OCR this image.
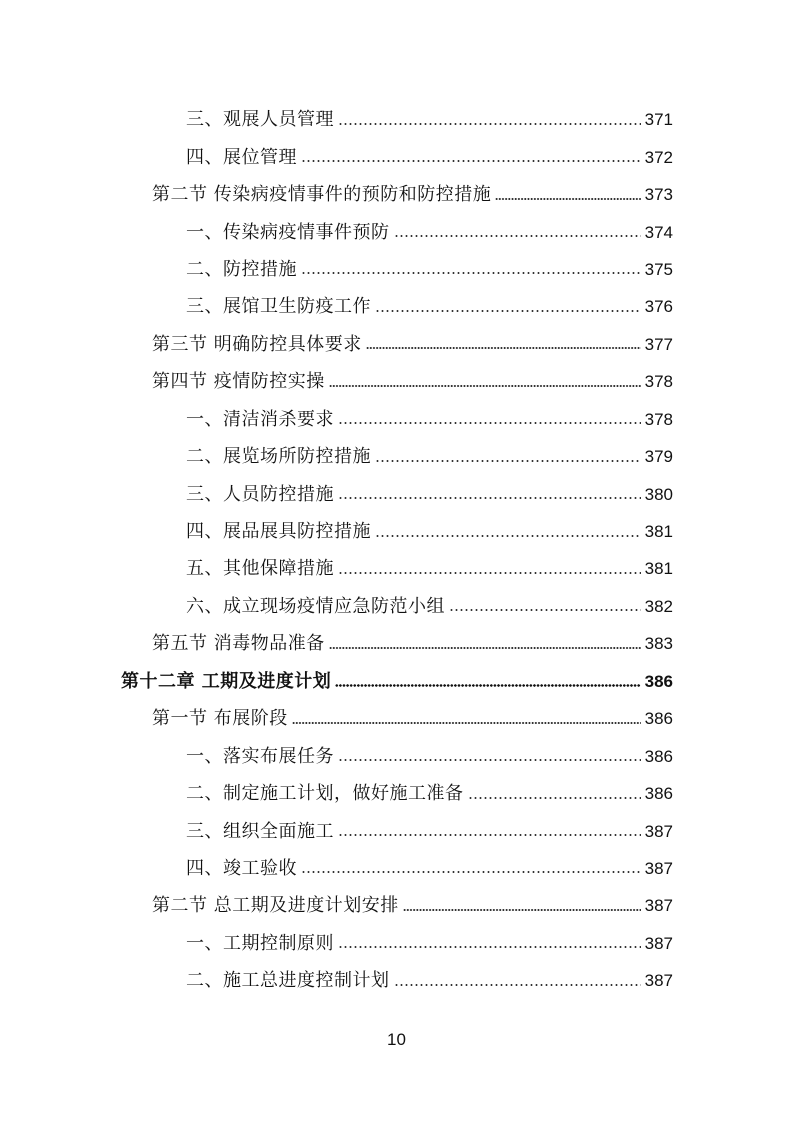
三、观展人员管理	371
四、展位管理	372
第二节 传染病疫情事件的预防和防控措施	373
一、传染病疫情事件预防	374
二、防控措施	375
三、展馆卫生防疫工作	376
第三节 明确防控具体要求	377
第四节 疫情防控实操	378
一、清洁消杀要求	378
二、展览场所防控措施	379
三、人员防控措施	380
四、展品展具防控措施	381
五、其他保障措施	381
六、成立现场疫情应急防范小组	382
第五节 消毒物品准备	383
第十二章 工期及进度计划	386
第一节 布展阶段	386
一、落实布展任务	386
二、制定施工计划，做好施工准备	386
三、组织全面施工	387
四、竣工验收	387
第二节 总工期及进度计划安排	387
一、工期控制原则	387
二、施工总进度控制计划	387
10
